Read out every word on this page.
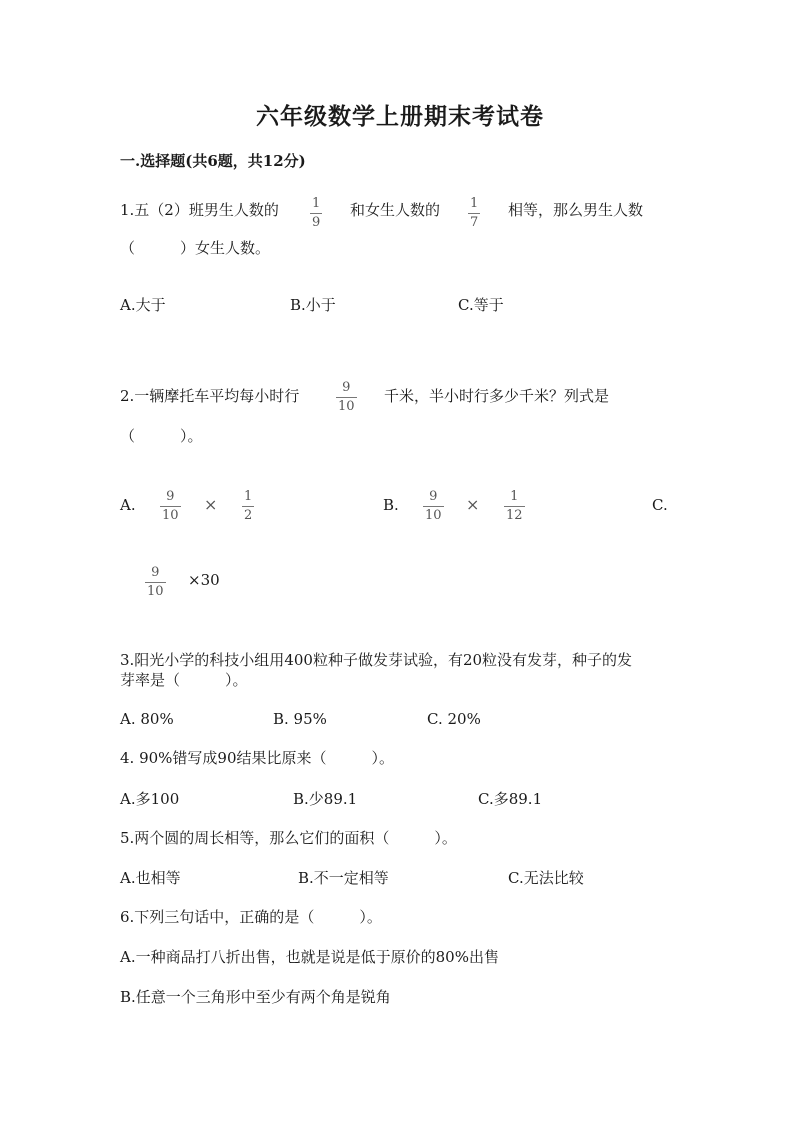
六年级数学上册期末考试卷
一.选择题(共6题，共12分)
1.五（2）班男生人数的	1
9
和女生人数的 1
7
相等，那么男生人数
（　　　）女生人数。
A.大于	B.小于	C.等于
2.一辆摩托车平均每小时行	9
10
千米，半小时行多少千米？列式是
（　　　）。
A. 9
10
× 1
2
B. 9
10
× 1
12
C.
9
10
×30
3.阳光小学的科技小组用400粒种子做发芽试验，有20粒没有发芽，种子的发
芽率是（　　　）。
A. 80%	B. 95%	C. 20%
4. 90%错写成90结果比原来（　　　）。
A.多100	B.少89.1	C.多89.1
5.两个圆的周长相等，那么它们的面积（　　　）。
A.也相等	B.不一定相等	C.无法比较
6.下列三句话中，正确的是（　　　）。
A.一种商品打八折出售，也就是说是低于原价的80%出售
B.任意一个三角形中至少有两个角是锐角
